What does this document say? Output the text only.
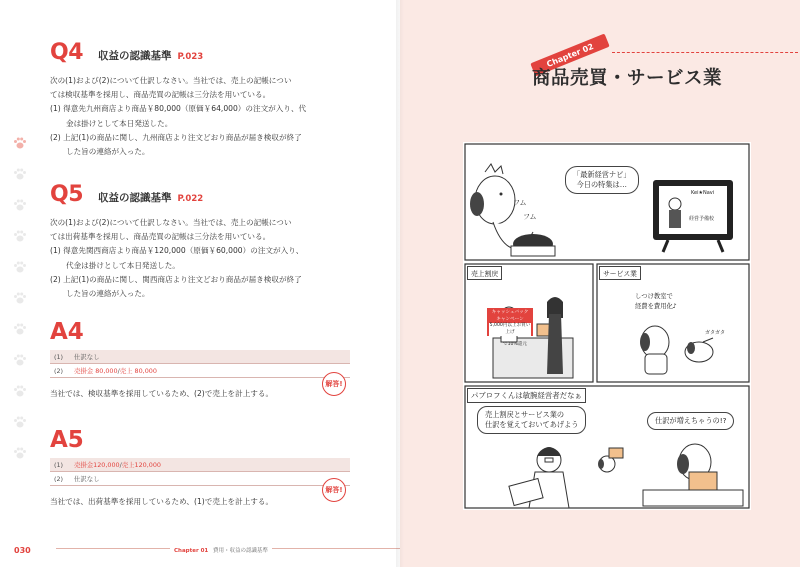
Q4	収益の認識基準 P.023
次の(1)および(2)について仕訳しなさい。当社では、売上の記帳につい
ては検収基準を採用し、商品売買の記帳は三分法を用いている。
(1) 得意先九州商店より商品￥80,000（原価￥64,000）の注文が入り、代
金は掛けとして本日発送した。
(2) 上記(1)の商品に関し、九州商店より注文どおり商品が届き検収が終了
した旨の連絡が入った。
Q5	収益の認識基準 P.022
次の(1)および(2)について仕訳しなさい。当社では、売上の記帳につい
ては出荷基準を採用し、商品売買の記帳は三分法を用いている。
(1) 得意先関西商店より商品￥120,000（原価￥60,000）の注文が入り、
代金は掛けとして本日発送した。
(2) 上記(1)の商品に関し、関西商店より注文どおり商品が届き検収が終了
した旨の連絡が入った。
A4
(1)	仕訳なし
(2)	売掛金 80,000 / 売上 80,000
当社では、検収基準を採用しているため、(2)で売上を計上する。
解答!
A5
(1)	売掛金120,000 / 売上120,000
(2)	仕訳なし
当社では、出荷基準を採用しているため、(1)で売上を計上する。
解答!
030	Chapter 01 費用・収益の認識基準
Chapter 02
商品売買・サービス業
「最新経営ナビ」
今日の特集は…
フム
フム
Kei★Navi
経営予備校
売上割戻
キャッシュバック
キャンペーン
5,000円以上お買い上げ
で10%還元
サービス業
しつけ教室で
経費を費用化♪
ガタガタ
パブロフくんは敏腕経営者だなぁ
売上割戻とサービス業の
仕訳を覚えておいてあげよう	仕訳が増えちゃうの!?
